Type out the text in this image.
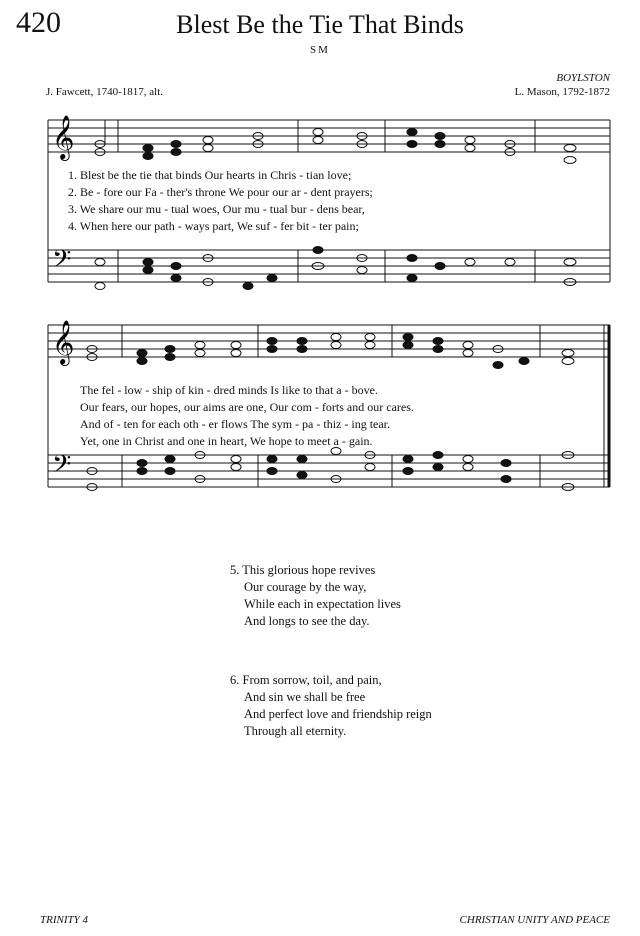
420	Blest Be the Tie That Binds
SM
BOYLSTON
J. Fawcett, 1740-1817, alt.	L. Mason, 1792-1872
𝄞
𝄢
1. Blest be the tie that binds Our hearts in Chris - tian love;
2. Be - fore our Fa - ther's throne We pour our ar - dent prayers;
3. We share our mu - tual woes, Our mu - tual bur - dens bear,
4. When here our path - ways part, We suf - fer bit - ter pain;
𝄞
𝄢
The fel - low - ship of kin - dred minds Is like to that a - bove.
Our fears, our hopes, our aims are one, Our com - forts and our cares.
And of - ten for each oth - er flows The sym - pa - thiz - ing tear.
Yet, one in Christ and one in heart, We hope to meet a - gain.
5. This glorious hope revives
Our courage by the way,
While each in expectation lives
And longs to see the day.
6. From sorrow, toil, and pain,
And sin we shall be free
And perfect love and friendship reign
Through all eternity.
TRINITY 4	CHRISTIAN UNITY AND PEACE
